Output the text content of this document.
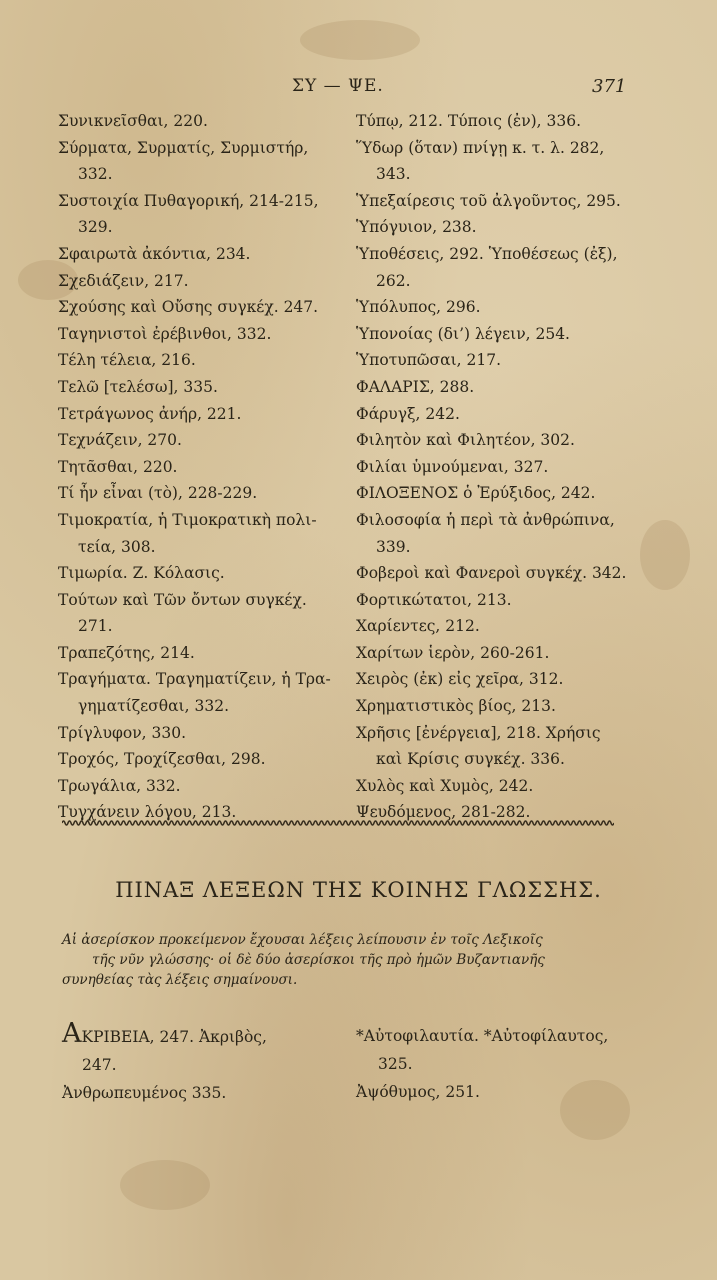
ΣΥ — ΨΕ.	371
Συνικνεῖσθαι, 220.
Σύρματα, Συρματίς, Συρμιστήρ,
332.
Συστοιχία Πυθαγορική, 214-215,
329.
Σφαιρωτὰ ἀκόντια, 234.
Σχεδιάζειν, 217.
Σχούσης καὶ Οὔσης συγκέχ. 247.
Ταγηνιστοὶ ἐρέβινθοι, 332.
Τέλη τέλεια, 216.
Τελῶ [τελέσω], 335.
Τετράγωνος ἀνήρ, 221.
Τεχνάζειν, 270.
Τητᾶσθαι, 220.
Τί ἦν εἶναι (τὸ), 228-229.
Τιμοκρατία, ἡ Τιμοκρατικὴ πολι-
τεία, 308.
Τιμωρία. Ζ. Κόλασις.
Τούτων καὶ Τῶν ὄντων συγκέχ.
271.
Τραπεζότης, 214.
Τραγήματα. Τραγηματίζειν, ἡ Τρα-
γηματίζεσθαι, 332.
Τρίγλυφον, 330.
Τροχός, Τροχίζεσθαι, 298.
Τρωγάλια, 332.
Τυγχάνειν λόγου, 213.
Τύπῳ, 212. Τύποις (ἐν), 336.
Ὕδωρ (ὅταν) πνίγῃ κ. τ. λ. 282,
343.
Ὑπεξαίρεσις τοῦ ἀλγοῦντος, 295.
Ὑπόγυιον, 238.
Ὑποθέσεις, 292. Ὑποθέσεως (ἐξ),
262.
Ὑπόλυπος, 296.
Ὑπονοίας (δι’) λέγειν, 254.
Ὑποτυπῶσαι, 217.
ΦΑΛΑΡΙΣ, 288.
Φάρυγξ, 242.
Φιλητὸν καὶ Φιλητέον, 302.
Φιλίαι ὑμνούμεναι, 327.
ΦΙΛΟΞΕΝΟΣ ὁ Ἐρύξιδος, 242.
Φιλοσοφία ἡ περὶ τὰ ἀνθρώπινα,
339.
Φοβεροὶ καὶ Φανεροὶ συγκέχ. 342.
Φορτικώτατοι, 213.
Χαρίεντες, 212.
Χαρίτων ἱερὸν, 260-261.
Χειρὸς (ἐκ) εἰς χεῖρα, 312.
Χρηματιστικὸς βίος, 213.
Χρῆσις [ἐνέργεια], 218. Χρήσις
καὶ Κρίσις συγκέχ. 336.
Χυλὸς καὶ Χυμὸς, 242.
Ψευδόμενος, 281-282.
ΠΙΝΑΞ ΛΕΞΕΩΝ ΤΗΣ ΚΟΙΝΗΣ ΓΛΩΣΣΗΣ.
Αἱ ἀσερίσκον προκείμενον ἔχουσαι λέξεις λείπουσιν ἐν τοῖς Λεξικοῖς
τῆς νῦν γλώσσης· οἱ δὲ δύο ἀσερίσκοι τῆς πρὸ ἡμῶν Βυζαντιανῆς
συνηθείας τὰς λέξεις σημαίνουσι.
ΑΚΡΙΒΕΙΑ, 247. Ἀκριβὸς,
247.
Ἀνθρωπευμένος 335.
*Αὐτοφιλαυτία. *Αὐτοφίλαυτος,
325.
Ἀψόθυμος, 251.
